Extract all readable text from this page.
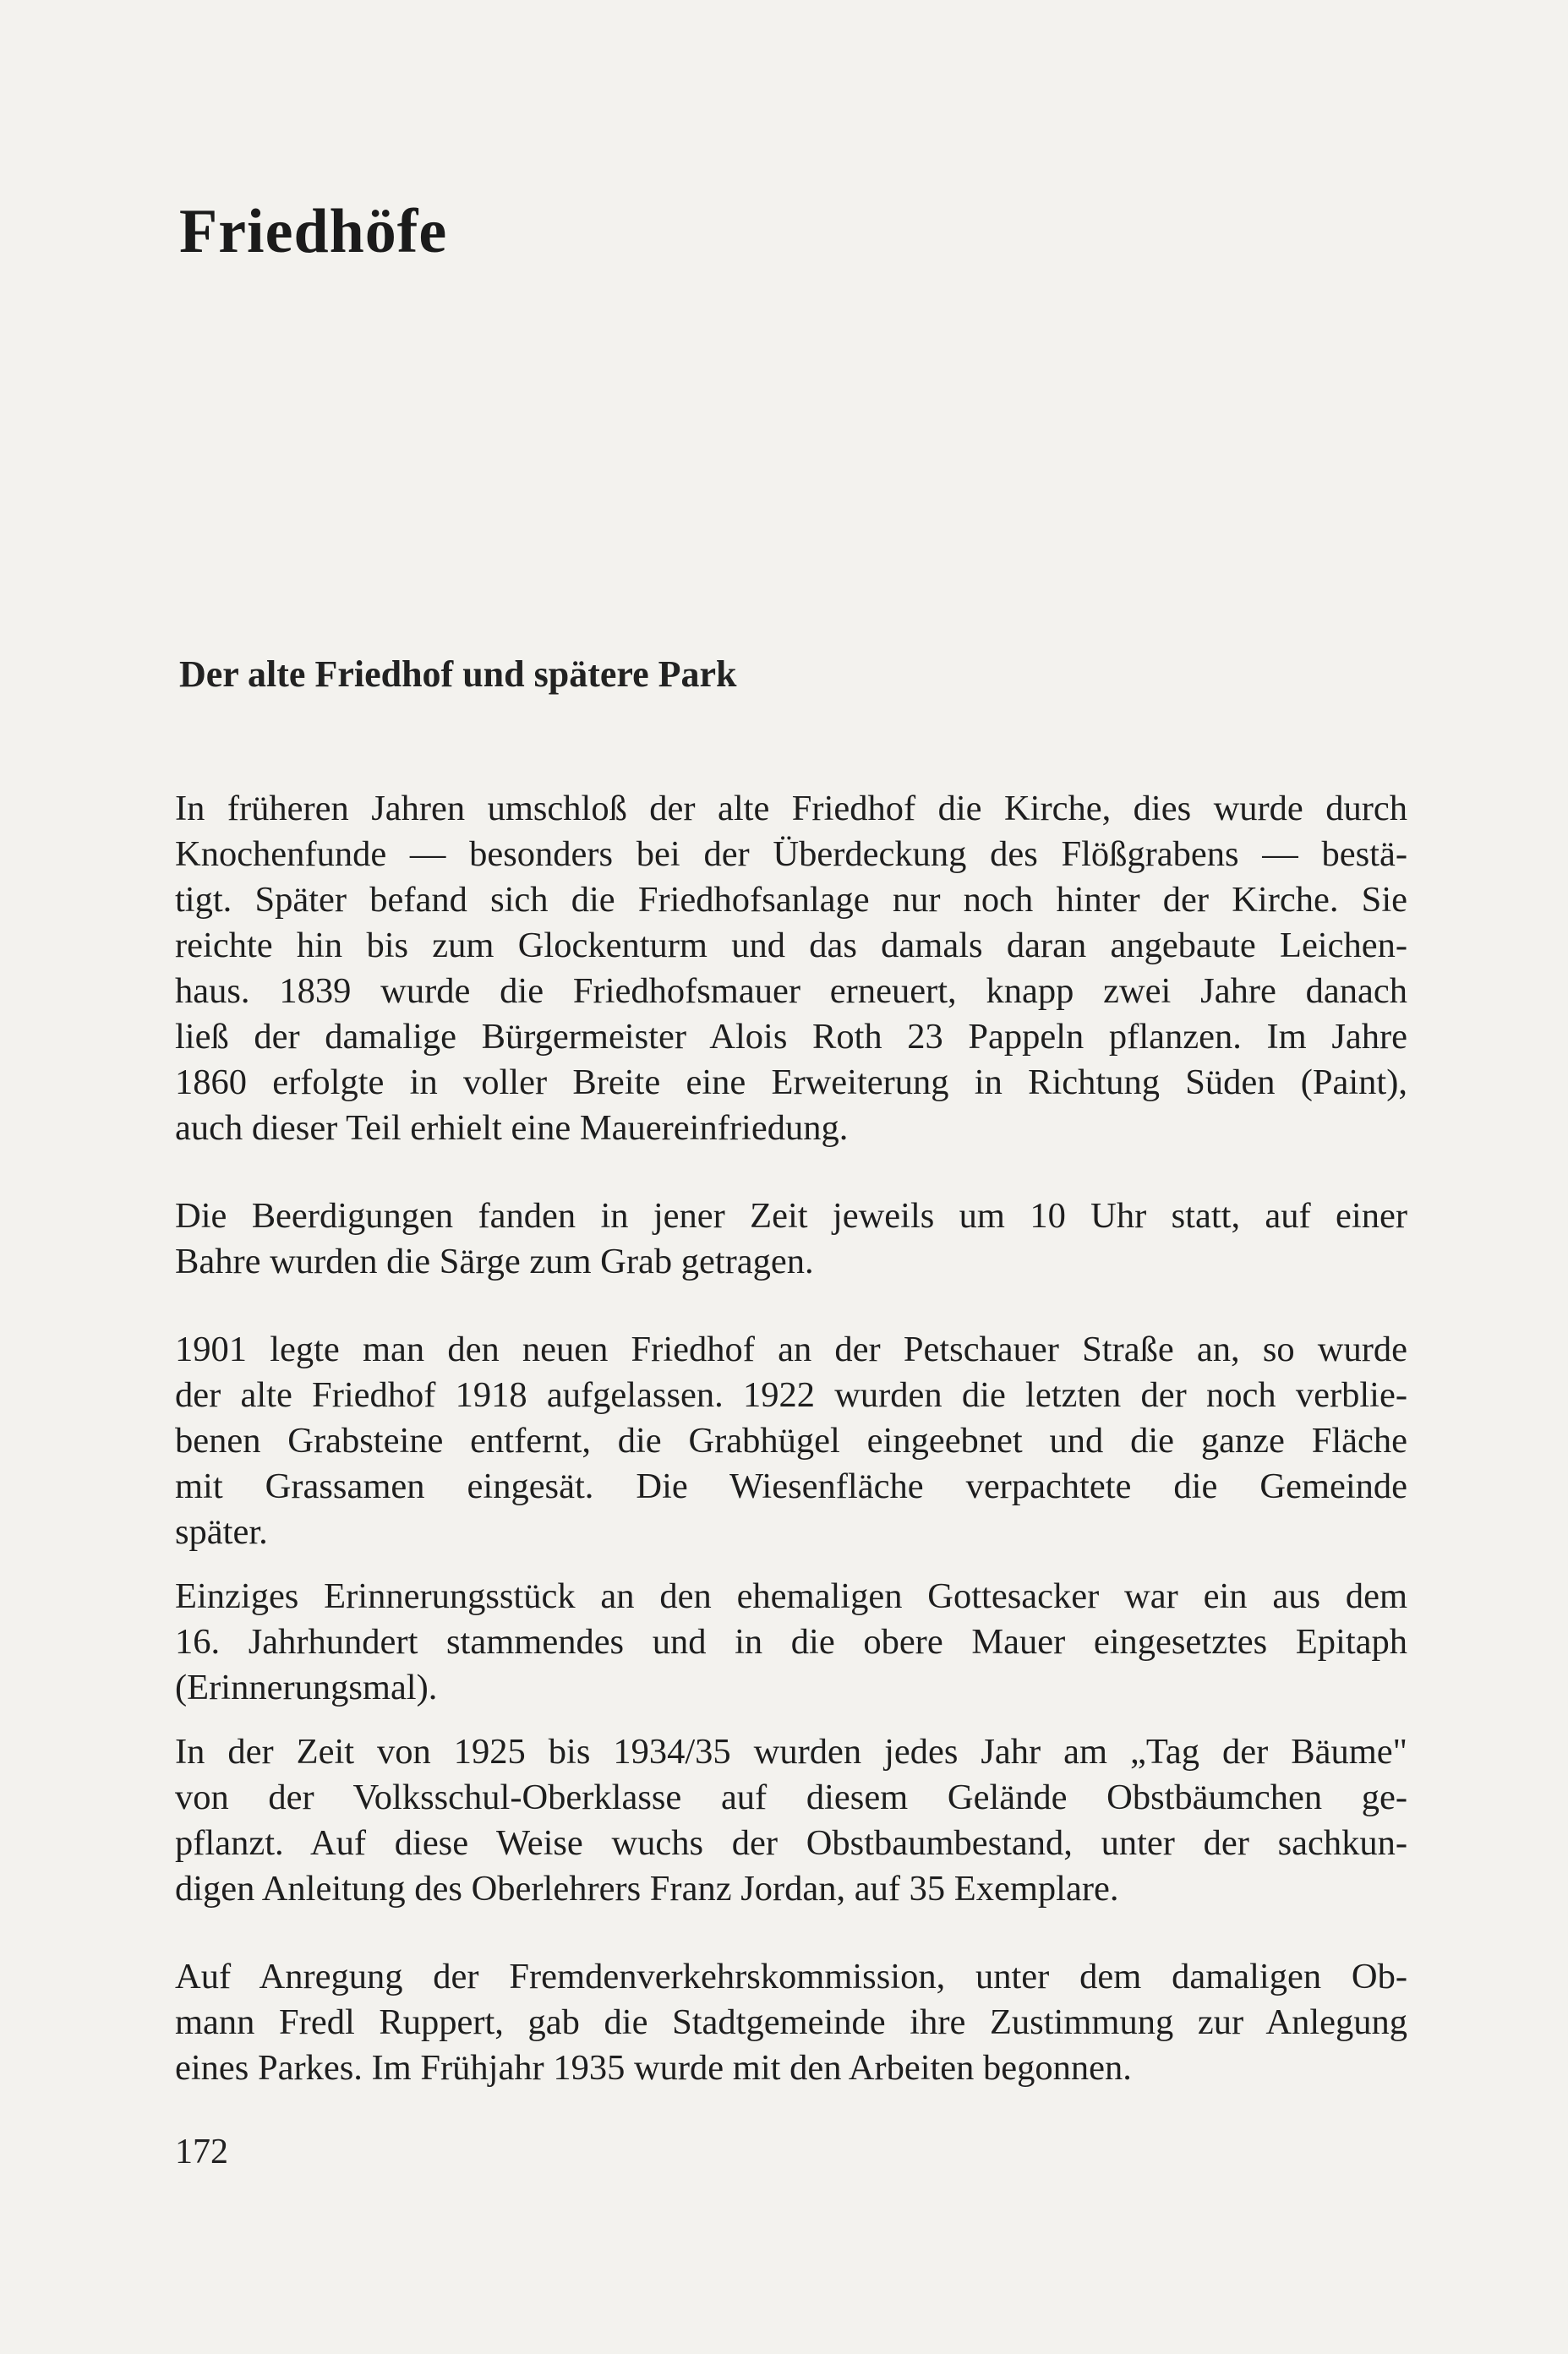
Friedhöfe
Der alte Friedhof und spätere Park

In früheren Jahren umschloß der alte Friedhof die Kirche, dies wurde durch
Knochenfunde — besonders bei der Überdeckung des Flößgrabens — bestä-
tigt. Später befand sich die Friedhofsanlage nur noch hinter der Kirche. Sie
reichte hin bis zum Glockenturm und das damals daran angebaute Leichen-
haus. 1839 wurde die Friedhofsmauer erneuert, knapp zwei Jahre danach
ließ der damalige Bürgermeister Alois Roth 23 Pappeln pflanzen. Im Jahre
1860 erfolgte in voller Breite eine Erweiterung in Richtung Süden (Paint),
auch dieser Teil erhielt eine Mauereinfriedung.

Die Beerdigungen fanden in jener Zeit jeweils um 10 Uhr statt, auf einer
Bahre wurden die Särge zum Grab getragen.

1901 legte man den neuen Friedhof an der Petschauer Straße an, so wurde
der alte Friedhof 1918 aufgelassen. 1922 wurden die letzten der noch verblie-
benen Grabsteine entfernt, die Grabhügel eingeebnet und die ganze Fläche
mit Grassamen eingesät. Die Wiesenfläche verpachtete die Gemeinde
später.

Einziges Erinnerungsstück an den ehemaligen Gottesacker war ein aus dem
16. Jahrhundert stammendes und in die obere Mauer eingesetztes Epitaph
(Erinnerungsmal).

In der Zeit von 1925 bis 1934/35 wurden jedes Jahr am „Tag der Bäume"
von der Volksschul-Oberklasse auf diesem Gelände Obstbäumchen ge-
pflanzt. Auf diese Weise wuchs der Obstbaumbestand, unter der sachkun-
digen Anleitung des Oberlehrers Franz Jordan, auf 35 Exemplare.

Auf Anregung der Fremdenverkehrskommission, unter dem damaligen Ob-
mann Fredl Ruppert, gab die Stadtgemeinde ihre Zustimmung zur Anlegung
eines Parkes. Im Frühjahr 1935 wurde mit den Arbeiten begonnen.

172
